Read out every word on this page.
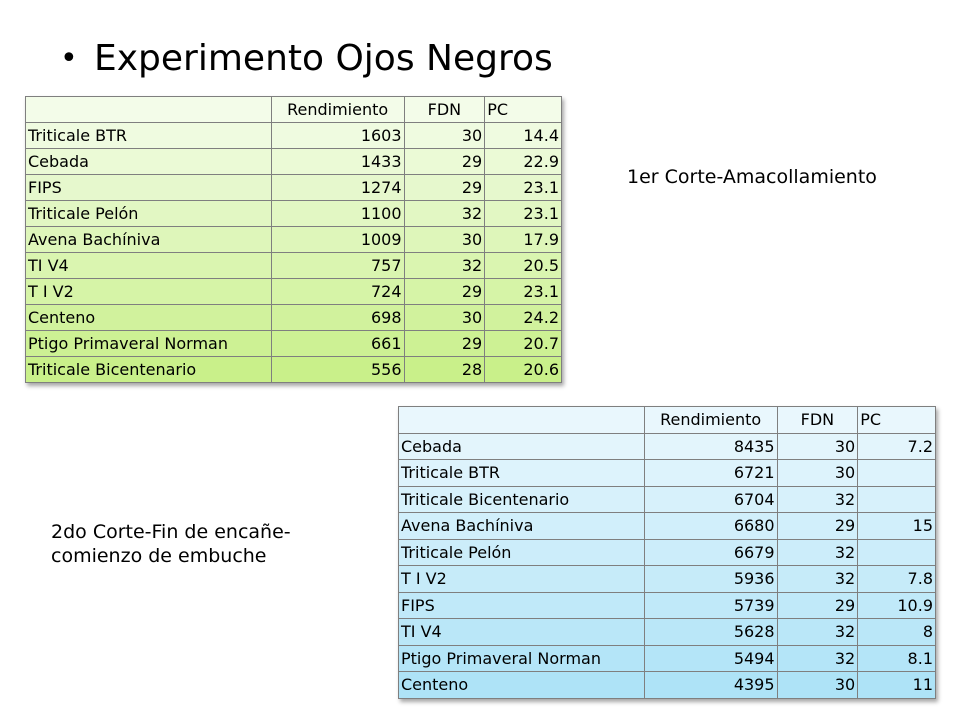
• Experimento Ojos Negros
1er Corte-Amacollamiento
2do Corte-Fin de encañe-
comienzo de embuche
	Rendimiento	FDN	PC
Triticale BTR	1603	30	14.4
Cebada	1433	29	22.9
FIPS	1274	29	23.1
Triticale Pelón	1100	32	23.1
Avena Bachíniva	1009	30	17.9
TI V4	757	32	20.5
T I V2	724	29	23.1
Centeno	698	30	24.2
Ptigo Primaveral Norman	661	29	20.7
Triticale Bicentenario	556	28	20.6
	Rendimiento	FDN	PC
Cebada	8435	30	7.2
Triticale BTR	6721	30	
Triticale Bicentenario	6704	32	
Avena Bachíniva	6680	29	15
Triticale Pelón	6679	32	
T I V2	5936	32	7.8
FIPS	5739	29	10.9
TI V4	5628	32	8
Ptigo Primaveral Norman	5494	32	8.1
Centeno	4395	30	11
